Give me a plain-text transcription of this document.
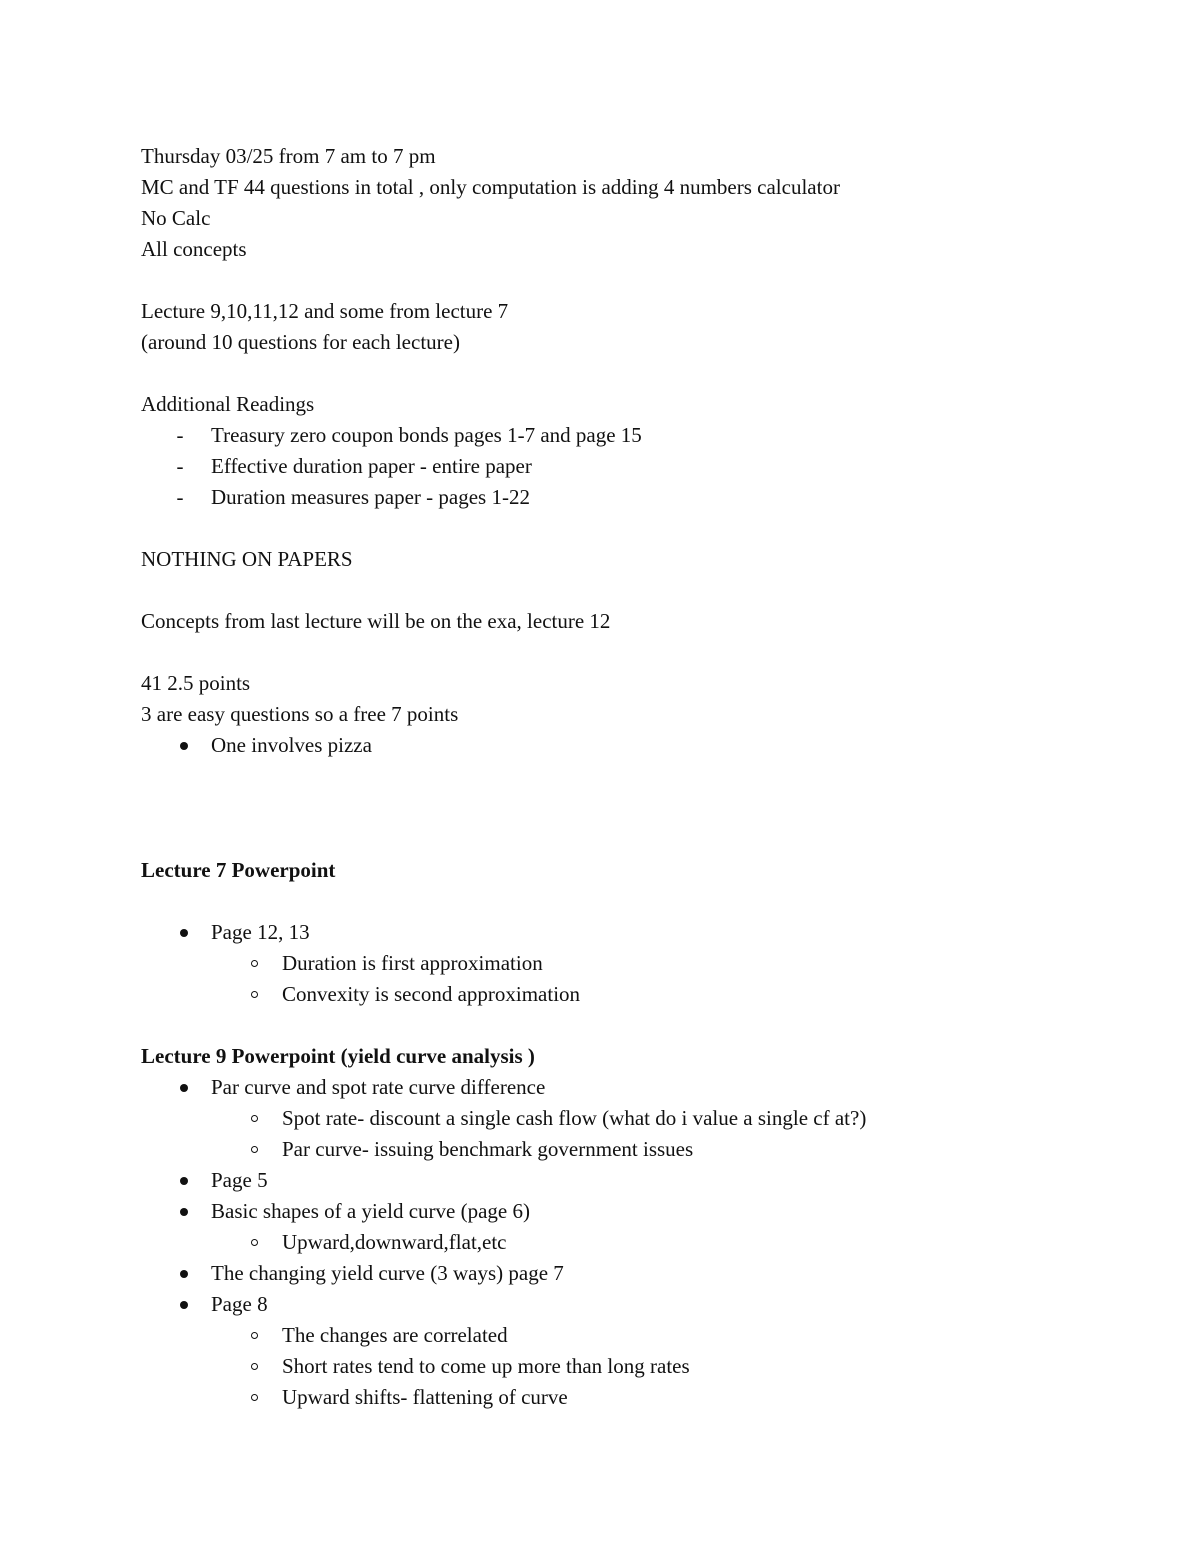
Thursday 03/25 from 7 am to 7 pm
MC and TF 44 questions in total , only computation is adding 4 numbers calculator
No Calc
All concepts
Lecture 9,10,11,12 and some from lecture 7
(around 10 questions for each lecture)
Additional Readings
-	Treasury zero coupon bonds pages 1-7 and page 15
-	Effective duration paper - entire paper
-	Duration measures paper - pages 1-22
NOTHING ON PAPERS
Concepts from last lecture will be on the exa, lecture 12
41 2.5 points
3 are easy questions so a free 7 points
One involves pizza
Lecture 7 Powerpoint
Page 12, 13
Duration is first approximation
Convexity is second approximation
Lecture 9 Powerpoint (yield curve analysis )
Par curve and spot rate curve difference
Spot rate- discount a single cash flow (what do i value a single cf at?)
Par curve- issuing benchmark government issues
Page 5
Basic shapes of a yield curve (page 6)
Upward,downward,flat,etc
The changing yield curve (3 ways) page 7
Page 8
The changes are correlated
Short rates tend to come up more than long rates
Upward shifts- flattening of curve
